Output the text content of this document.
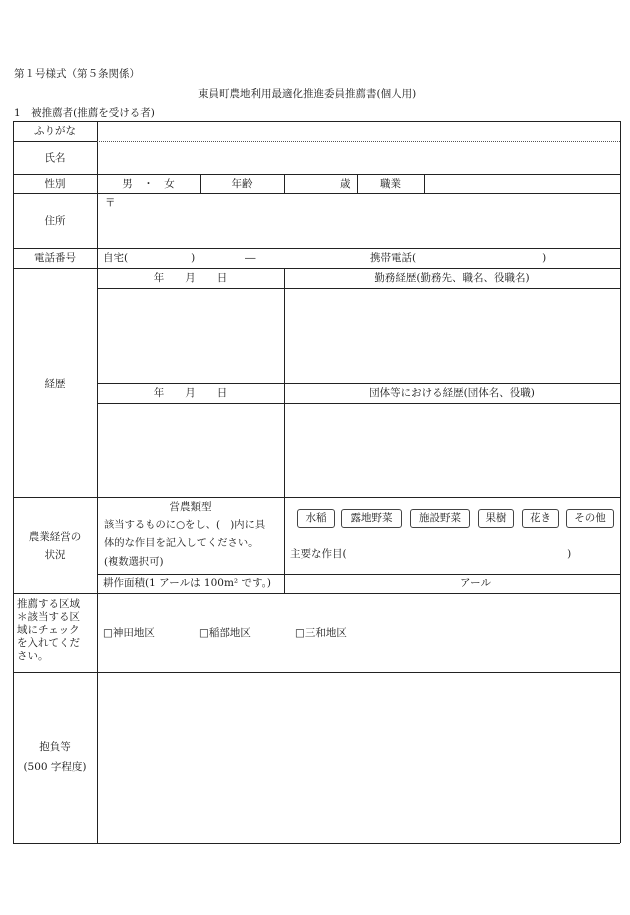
第１号様式（第５条関係）
東員町農地利用最適化推進委員推薦書(個人用)
1　被推薦者(推薦を受ける者)
ふりがな
氏名
性別	男　・　女	年齢	歳	職業
住所
〒
電話番号	自宅(　　　　　　)	―	携帯電話(　　　　　　　　　　　　)
経歴
年　　月　　日	勤務経歴(勤務先、職名、役職名)
年　　月　　日	団体等における経歴(団体名、役職)
農業経営の
状況
営農類型
該当するものに○をし、(　)内に具
体的な作目を記入してください。
(複数選択可)
水稲	露地野菜	施設野菜	果樹	花き	その他
主要な作目(　　　　　　　　　　　　　　　　　　　　　)
耕作面積(1 アールは 100m² です。)	アール
推薦する区域
＊該当する区
域にチェック
を入れてくだ
さい。
□神田地区	□稲部地区	□三和地区
抱負等
(500 字程度)
